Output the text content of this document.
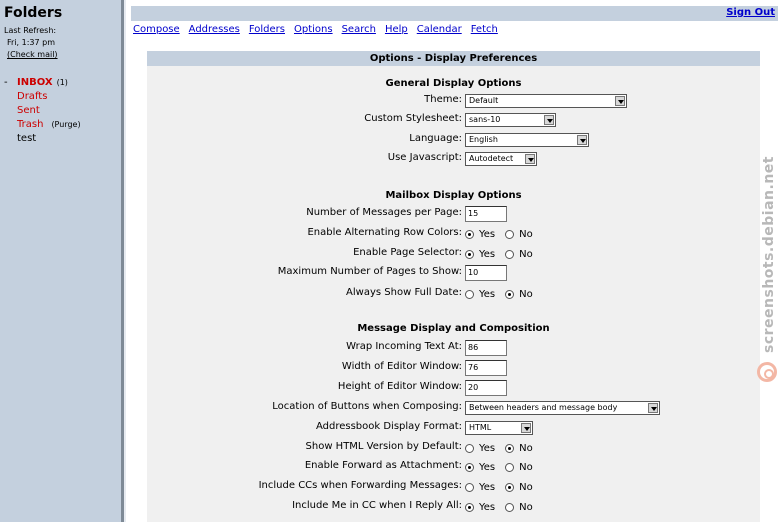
Folders
Last Refresh:
Fri, 1:37 pm
(Check mail)
- INBOX (1)
Drafts
Sent
Trash (Purge)
test
Sign Out
Compose Addresses Folders Options Search Help Calendar Fetch
Options - Display Preferences
General Display Options
Theme: Default
Custom Stylesheet: sans-10
Language: English
Use Javascript: Autodetect
Mailbox Display Options
Number of Messages per Page: 15
Enable Alternating Row Colors: Yes No
Enable Page Selector: Yes No
Maximum Number of Pages to Show: 10
Always Show Full Date: Yes No
Message Display and Composition
Wrap Incoming Text At: 86
Width of Editor Window: 76
Height of Editor Window: 20
Location of Buttons when Composing: Between headers and message body
Addressbook Display Format: HTML
Show HTML Version by Default: Yes No
Enable Forward as Attachment: Yes No
Include CCs when Forwarding Messages: Yes No
Include Me in CC when I Reply All: Yes No
screenshots.debian.net
